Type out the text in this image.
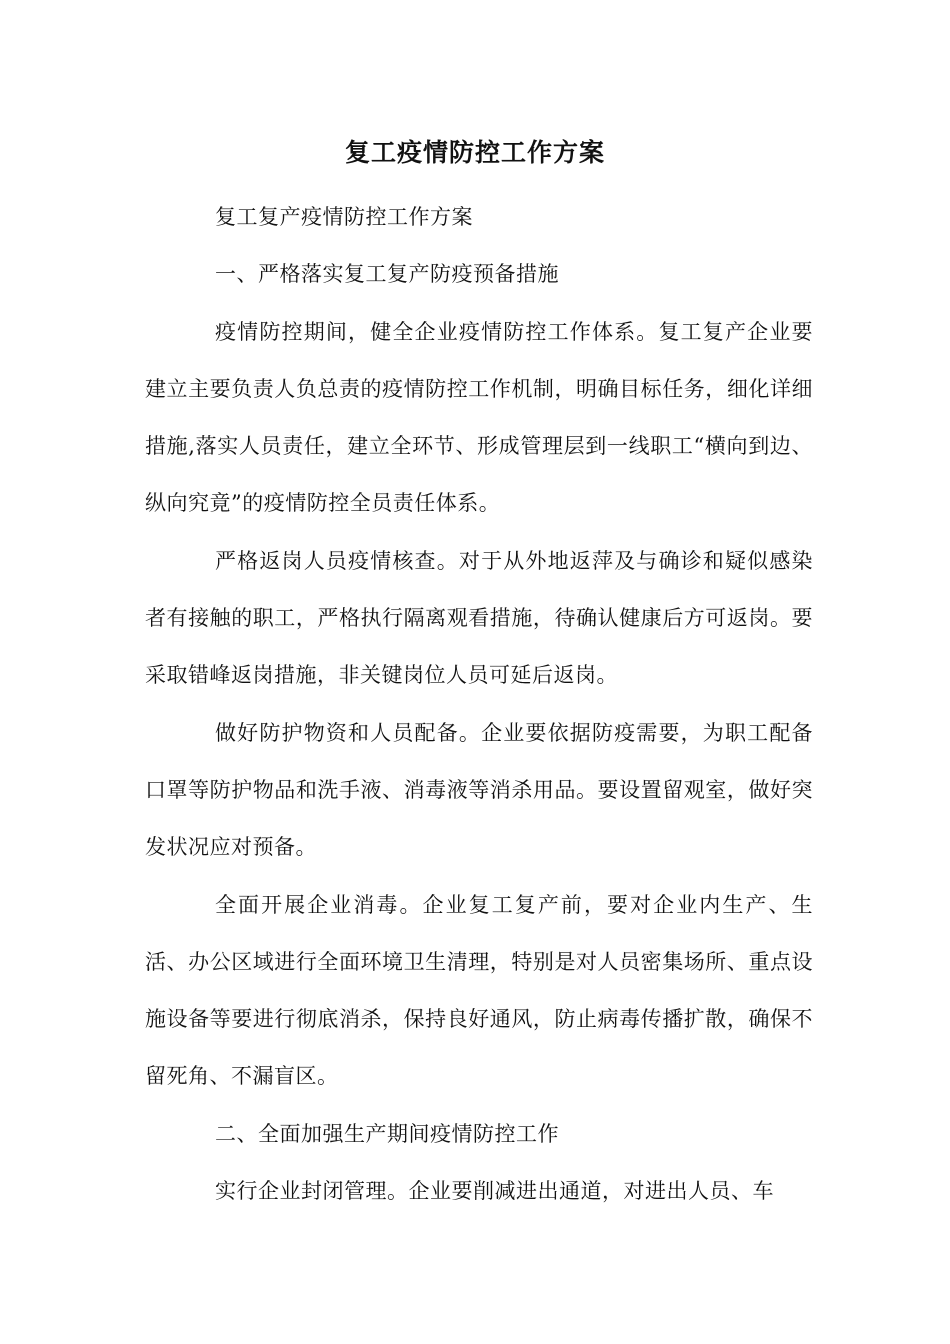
复工疫情防控工作方案

复工复产疫情防控工作方案

一、严格落实复工复产防疫预备措施

疫情防控期间，健全企业疫情防控工作体系。复工复产企业要建立主要负责人负总责的疫情防控工作机制，明确目标任务，细化详细措施,落实人员责任，建立全环节、形成管理层到一线职工“横向到边、纵向究竟”的疫情防控全员责任体系。

严格返岗人员疫情核查。对于从外地返萍及与确诊和疑似感染者有接触的职工，严格执行隔离观看措施，待确认健康后方可返岗。要采取错峰返岗措施，非关键岗位人员可延后返岗。

做好防护物资和人员配备。企业要依据防疫需要，为职工配备口罩等防护物品和洗手液、消毒液等消杀用品。要设置留观室，做好突发状况应对预备。

全面开展企业消毒。企业复工复产前，要对企业内生产、生活、办公区域进行全面环境卫生清理，特别是对人员密集场所、重点设施设备等要进行彻底消杀，保持良好通风，防止病毒传播扩散，确保不留死角、不漏盲区。

二、全面加强生产期间疫情防控工作

实行企业封闭管理。企业要削减进出通道，对进出人员、车
